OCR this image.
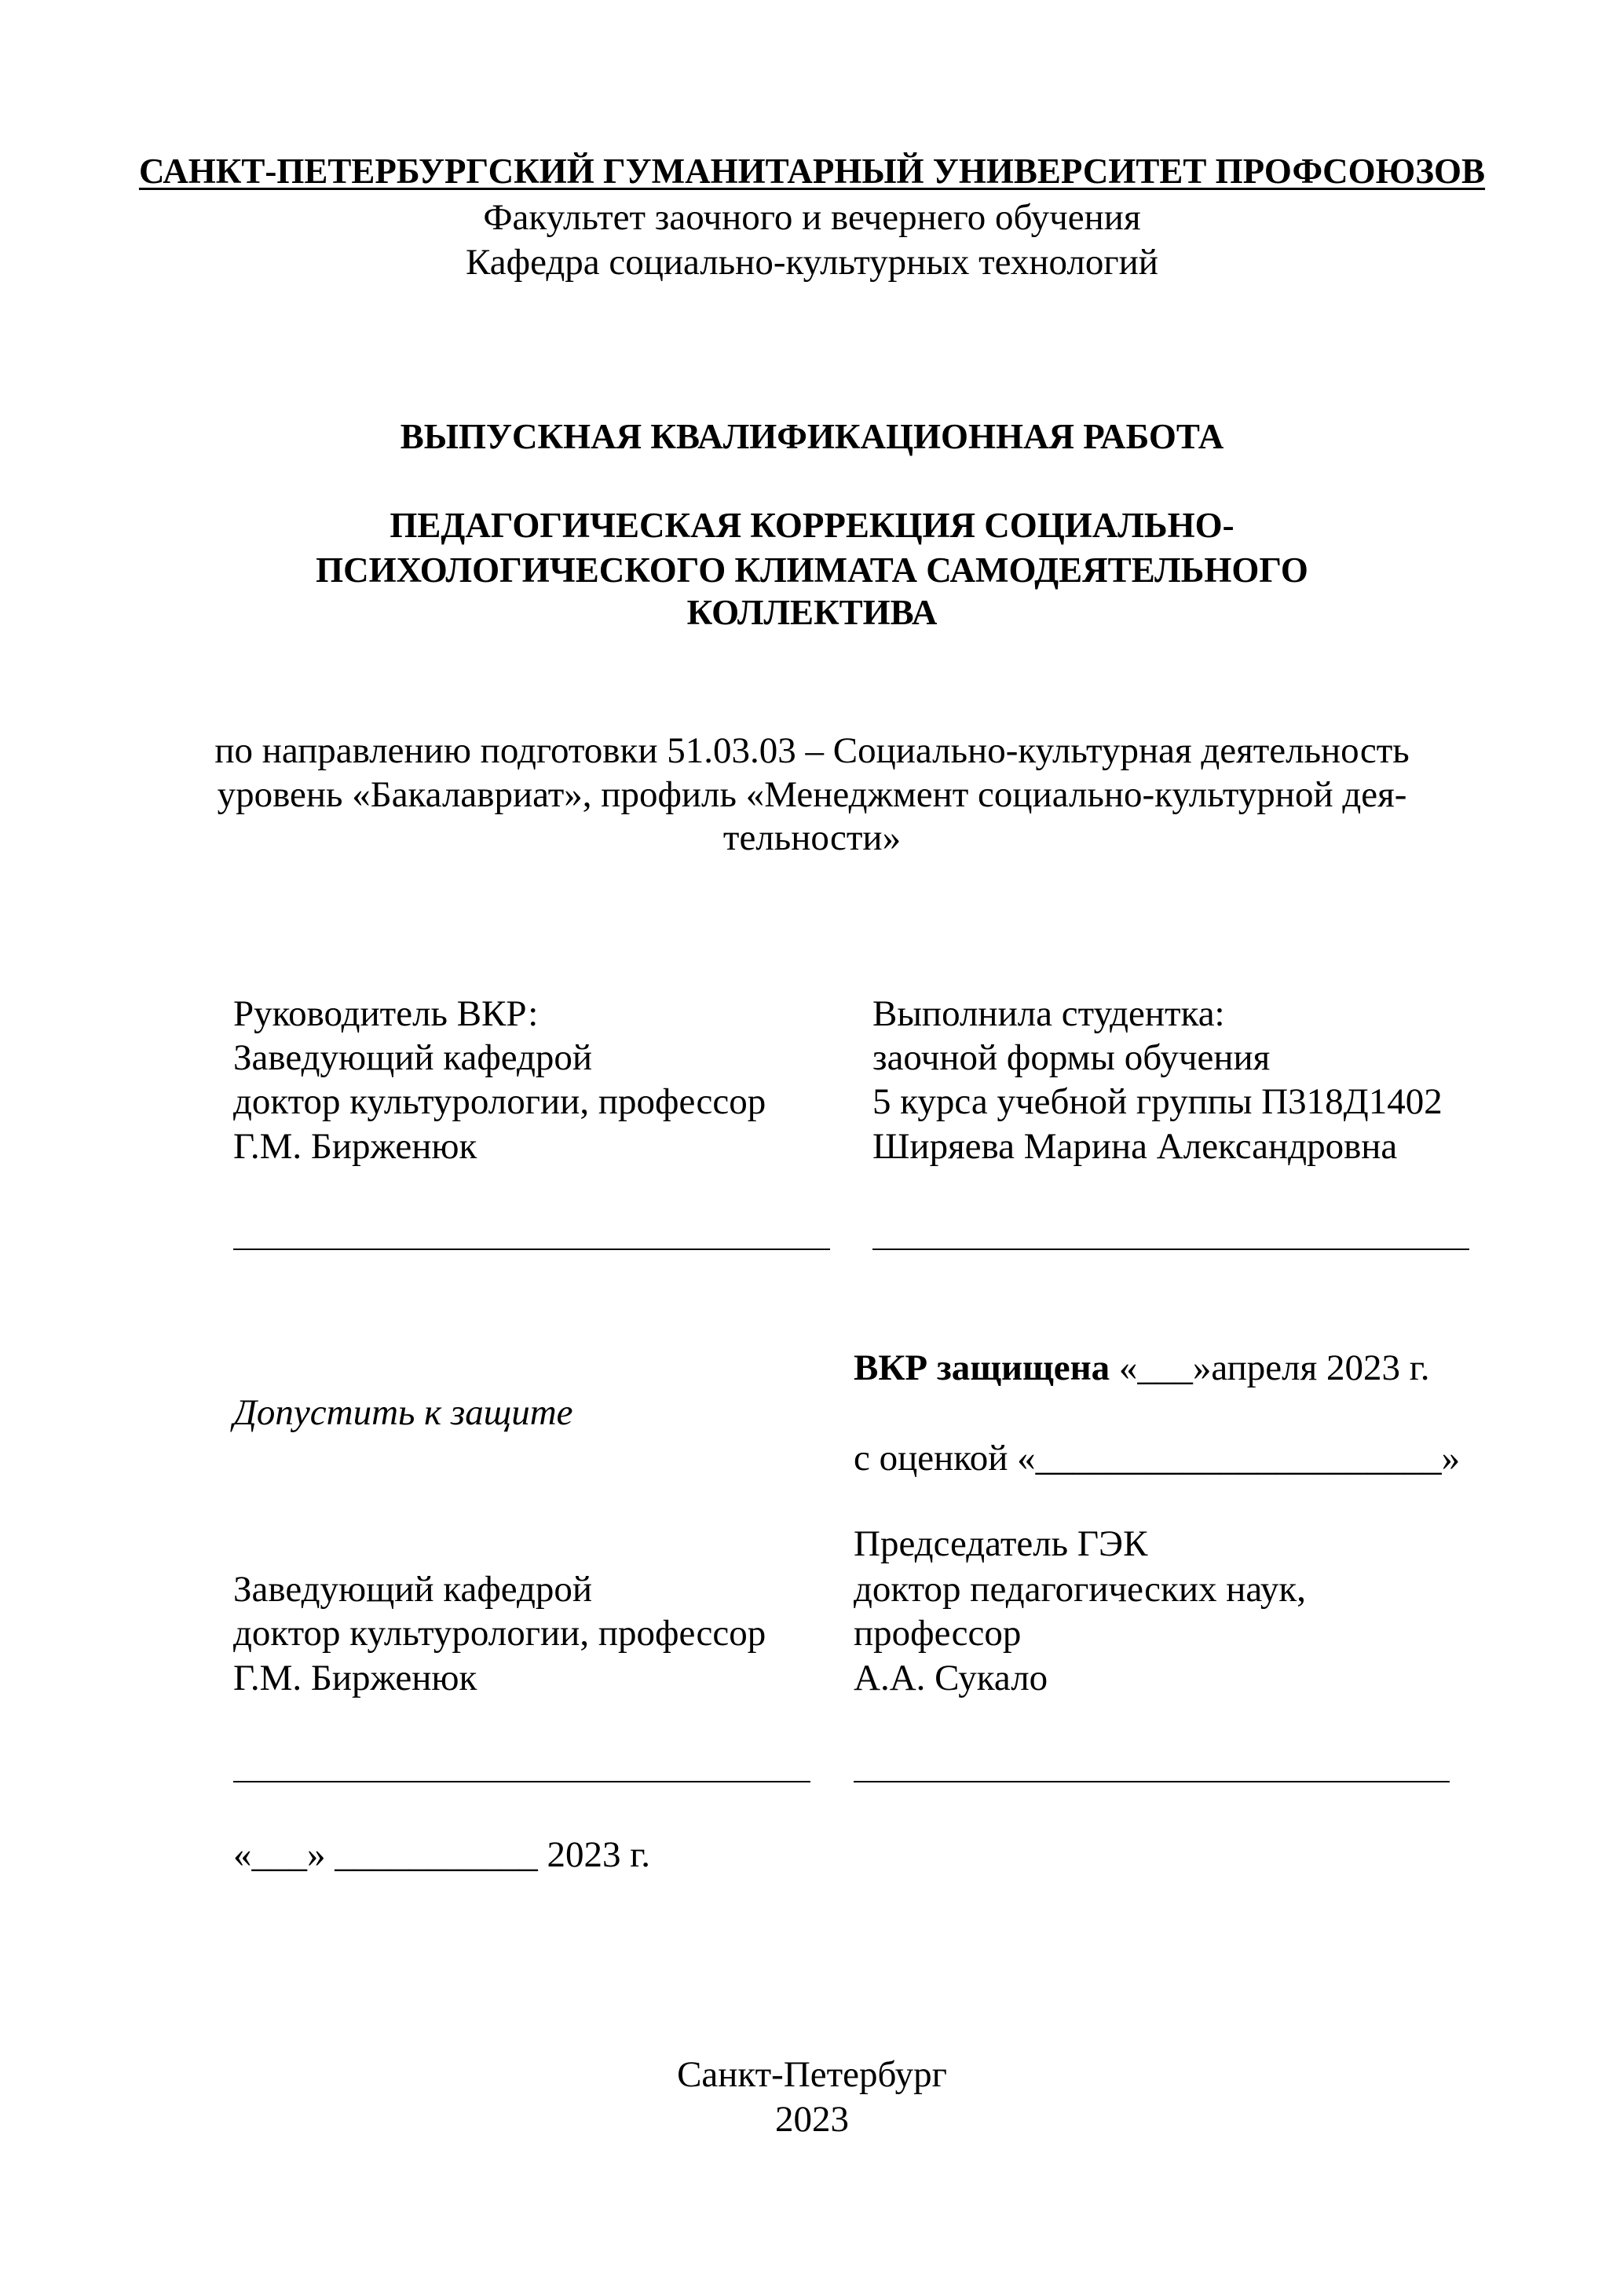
САНКТ-ПЕТЕРБУРГСКИЙ ГУМАНИТАРНЫЙ УНИВЕРСИТЕТ ПРОФСОЮЗОВ
Факультет заочного и вечернего обучения
Кафедра социально-культурных технологий
ВЫПУСКНАЯ КВАЛИФИКАЦИОННАЯ РАБОТА
ПЕДАГОГИЧЕСКАЯ КОРРЕКЦИЯ СОЦИАЛЬНО-
ПСИХОЛОГИЧЕСКОГО КЛИМАТА САМОДЕЯТЕЛЬНОГО
КОЛЛЕКТИВА
по направлению подготовки 51.03.03 – Социально-культурная деятельность
уровень «Бакалавриат», профиль «Менеджмент социально-культурной дея-
тельности»
Руководитель ВКР:
Заведующий кафедрой
доктор культурологии, профессор
Г.М. Бирженюк
Выполнила студентка:
заочной формы обучения
5 курса учебной группы П318Д1402
Ширяева Марина Александровна
ВКР защищена «___»апреля 2023 г.
Допустить к защите
с оценкой «______________________»
Председатель ГЭК
доктор педагогических наук,
профессор
А.А. Сукало
Заведующий кафедрой
доктор культурологии, профессор
Г.М. Бирженюк
«___» ___________ 2023 г.
Санкт-Петербург
2023
